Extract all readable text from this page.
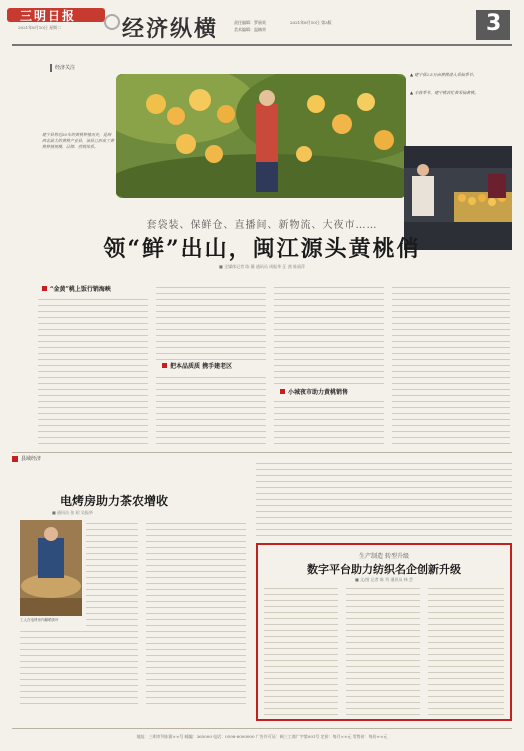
三明日报
2021年8月10日 星期二	经济纵横	责任编辑：罗丽英
美术编辑：温楠荣
2021年8月10日 第3版	3
经济关注
建宁县将近50年的黄桃种植历史，是闽西北最大的黄桃产业县，该县已形成了黄桃种植规模、品牌、营销体系。
▲ 建宁县2.5万亩黄桃进入采摘季节。
▲ 丰收季节，建宁桃农忙着采摘黄桃。
套袋装、保鲜仓、直播间、新物流、大夜市……
领“鲜”出山，闽江源头黄桃俏
■ 全媒体记者 陈 薇 通讯员 周振华 汪 茜 陈丽萍
“金黄”桃上饭行销海峡
把本品质质 携手建老区
小城夜市助力黄桃销售
县域经济
电烤房助力茶农增收
■ 通讯员 张 昭 吴振华
工人在电烤房内翻晒茶叶
生产制造 转型升级
数字平台助力纺织名企创新升级
■ 文/图 记者 陈 均 通讯员 林 芸
地址：三明市列东街××号 邮编：365000 电话：0598-8000000 广告许可证：闽三工商广字第001号 定价：每月××元 零售价：每份××元
